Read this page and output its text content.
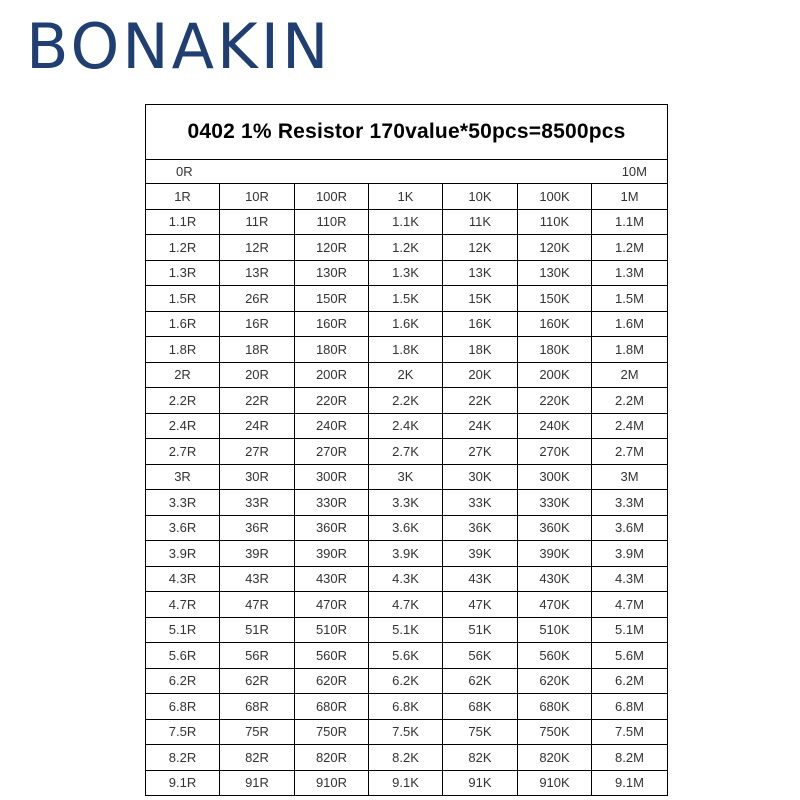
BONAKIN
0402 1% Resistor 170value*50pcs=8500pcs						

0R 10M						

1R	10R	100R	1K	10K	100K	1M
1.1R	11R	110R	1.1K	11K	110K	1.1M
1.2R	12R	120R	1.2K	12K	120K	1.2M
1.3R	13R	130R	1.3K	13K	130K	1.3M
1.5R	26R	150R	1.5K	15K	150K	1.5M
1.6R	16R	160R	1.6K	16K	160K	1.6M
1.8R	18R	180R	1.8K	18K	180K	1.8M
2R	20R	200R	2K	20K	200K	2M
2.2R	22R	220R	2.2K	22K	220K	2.2M
2.4R	24R	240R	2.4K	24K	240K	2.4M
2.7R	27R	270R	2.7K	27K	270K	2.7M
3R	30R	300R	3K	30K	300K	3M
3.3R	33R	330R	3.3K	33K	330K	3.3M
3.6R	36R	360R	3.6K	36K	360K	3.6M
3.9R	39R	390R	3.9K	39K	390K	3.9M
4.3R	43R	430R	4.3K	43K	430K	4.3M
4.7R	47R	470R	4.7K	47K	470K	4.7M
5.1R	51R	510R	5.1K	51K	510K	5.1M
5.6R	56R	560R	5.6K	56K	560K	5.6M
6.2R	62R	620R	6.2K	62K	620K	6.2M
6.8R	68R	680R	6.8K	68K	680K	6.8M
7.5R	75R	750R	7.5K	75K	750K	7.5M
8.2R	82R	820R	8.2K	82K	820K	8.2M
9.1R	91R	910R	9.1K	91K	910K	9.1M
